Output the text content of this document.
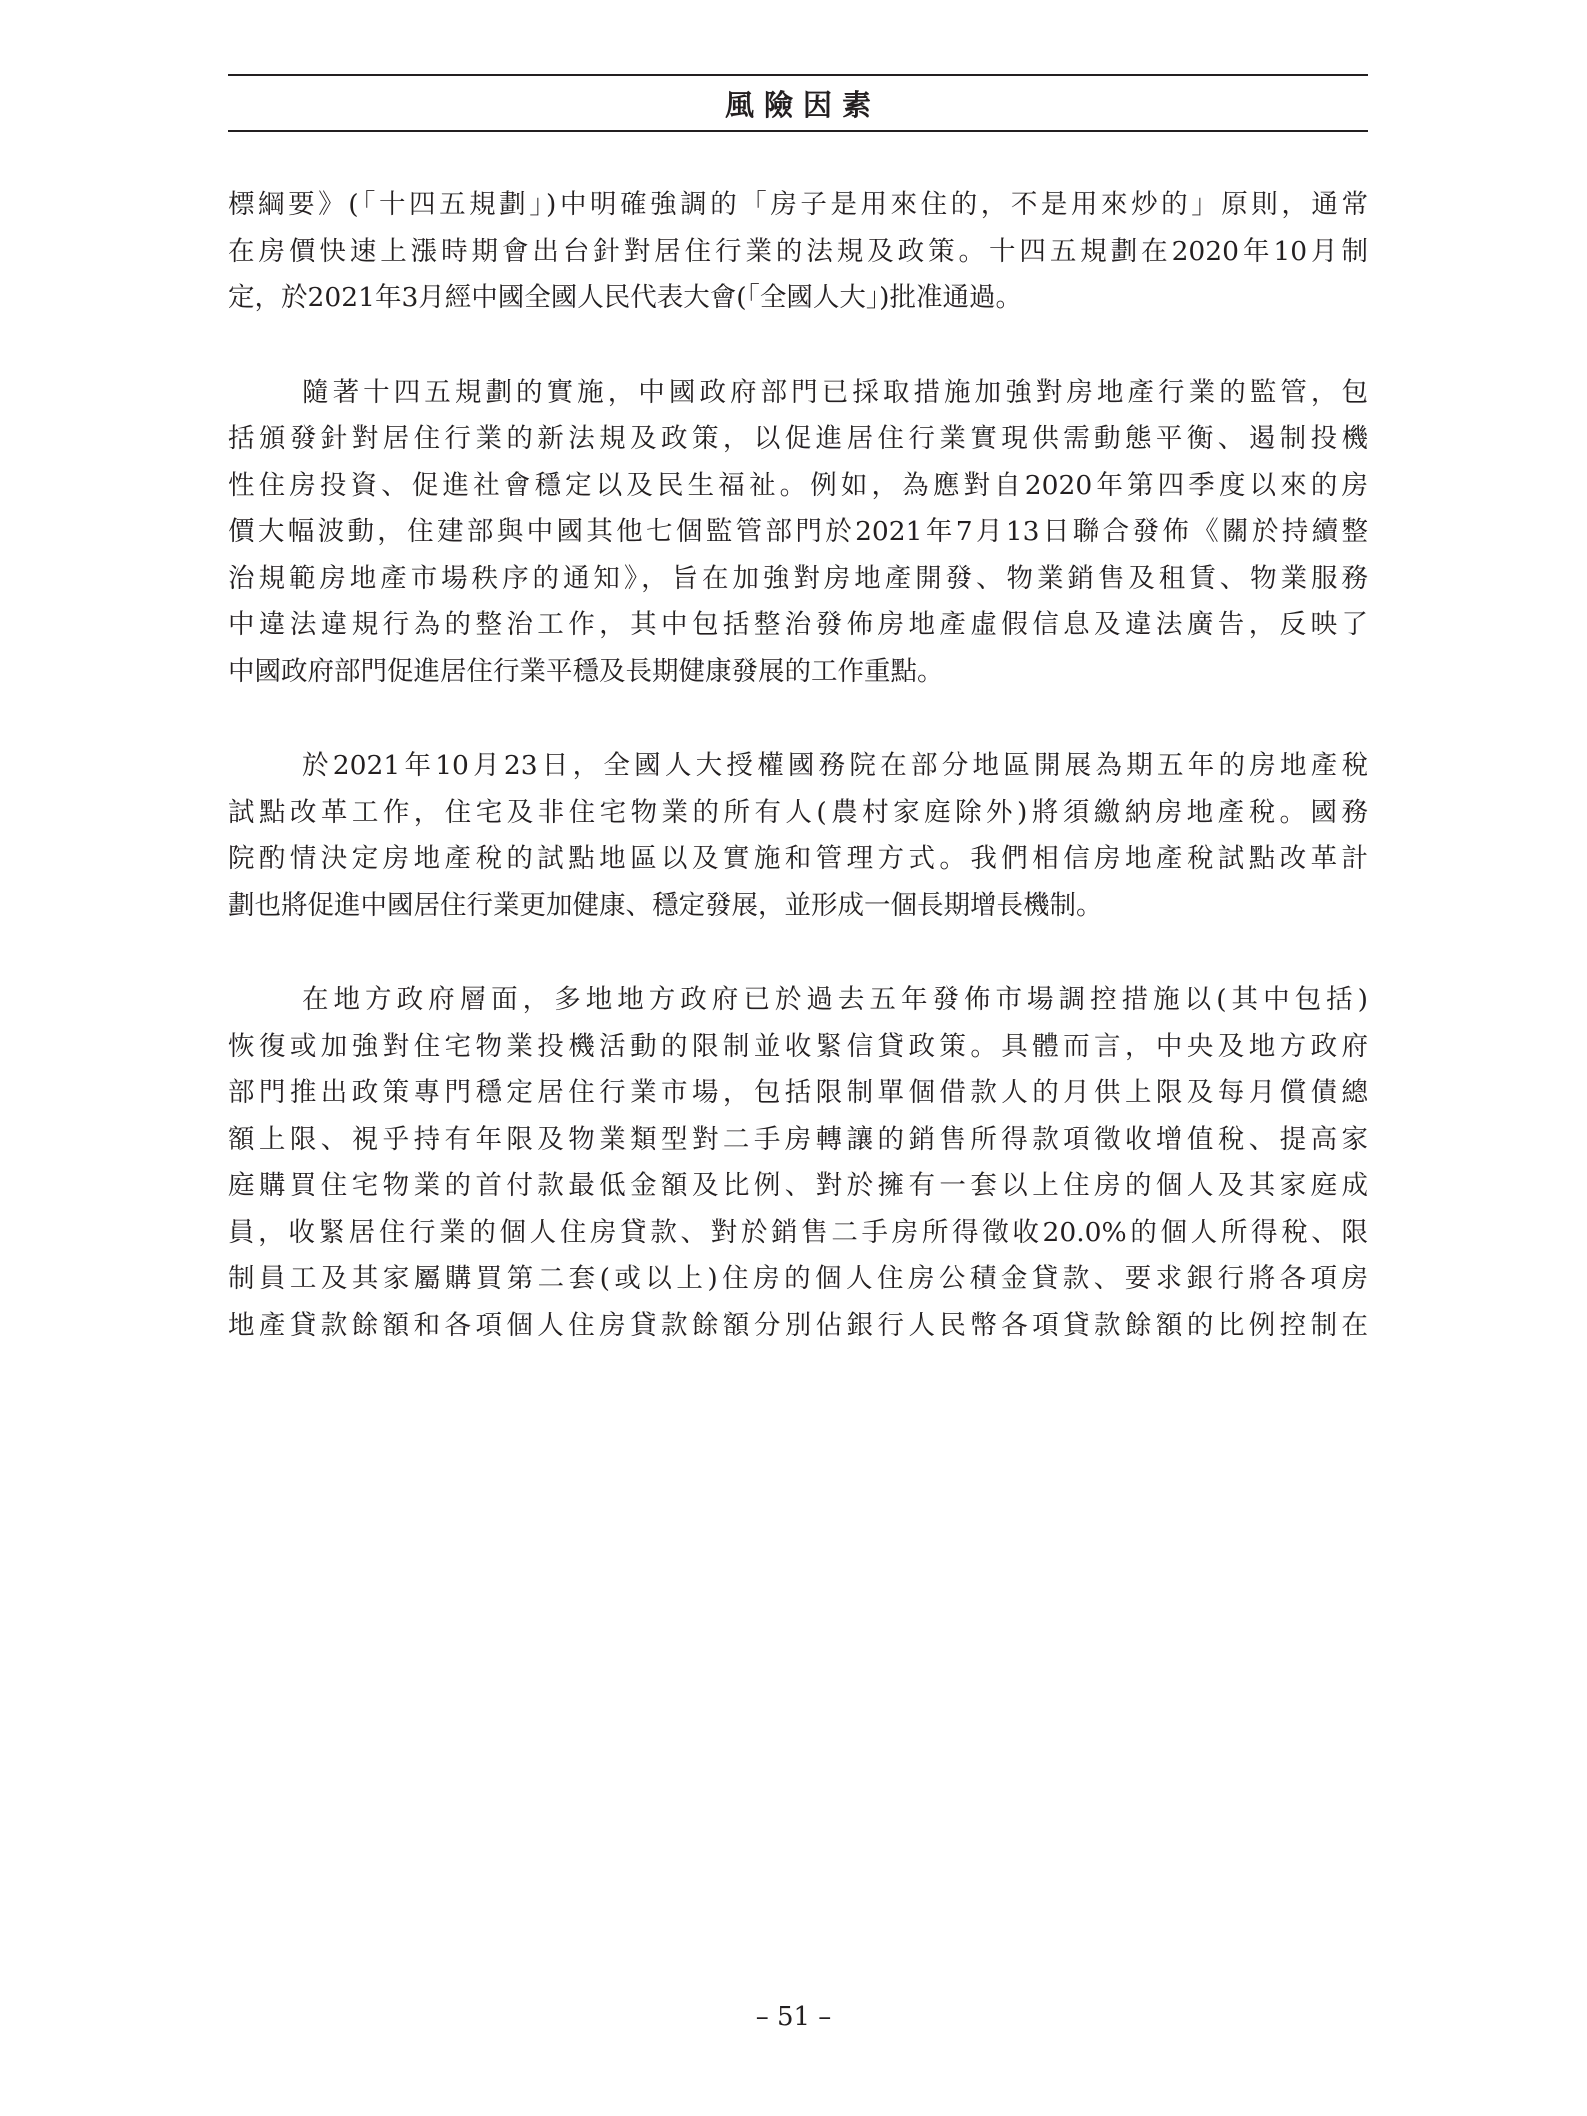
風險因素

標綱要》(「十四五規劃」)中明確強調的「房子是用來住的，不是用來炒的」原則，通常
在房價快速上漲時期會出台針對居住行業的法規及政策。十四五規劃在2020年10月制
定，於2021年3月經中國全國人民代表大會(「全國人大」)批准通過。

隨著十四五規劃的實施，中國政府部門已採取措施加強對房地產行業的監管，包
括頒發針對居住行業的新法規及政策，以促進居住行業實現供需動態平衡、遏制投機
性住房投資、促進社會穩定以及民生福祉。例如，為應對自2020年第四季度以來的房
價大幅波動，住建部與中國其他七個監管部門於2021年7月13日聯合發佈《關於持續整
治規範房地產市場秩序的通知》，旨在加強對房地產開發、物業銷售及租賃、物業服務
中違法違規行為的整治工作，其中包括整治發佈房地產虛假信息及違法廣告，反映了
中國政府部門促進居住行業平穩及長期健康發展的工作重點。

於2021年10月23日，全國人大授權國務院在部分地區開展為期五年的房地產稅
試點改革工作，住宅及非住宅物業的所有人(農村家庭除外)將須繳納房地產稅。國務
院酌情決定房地產稅的試點地區以及實施和管理方式。我們相信房地產稅試點改革計
劃也將促進中國居住行業更加健康、穩定發展，並形成一個長期增長機制。

在地方政府層面，多地地方政府已於過去五年發佈市場調控措施以(其中包括)
恢復或加強對住宅物業投機活動的限制並收緊信貸政策。具體而言，中央及地方政府
部門推出政策專門穩定居住行業市場，包括限制單個借款人的月供上限及每月償債總
額上限、視乎持有年限及物業類型對二手房轉讓的銷售所得款項徵收增值稅、提高家
庭購買住宅物業的首付款最低金額及比例、對於擁有一套以上住房的個人及其家庭成
員，收緊居住行業的個人住房貸款、對於銷售二手房所得徵收20.0%的個人所得稅、限
制員工及其家屬購買第二套(或以上)住房的個人住房公積金貸款、要求銀行將各項房
地產貸款餘額和各項個人住房貸款餘額分別佔銀行人民幣各項貸款餘額的比例控制在

– 51 –
